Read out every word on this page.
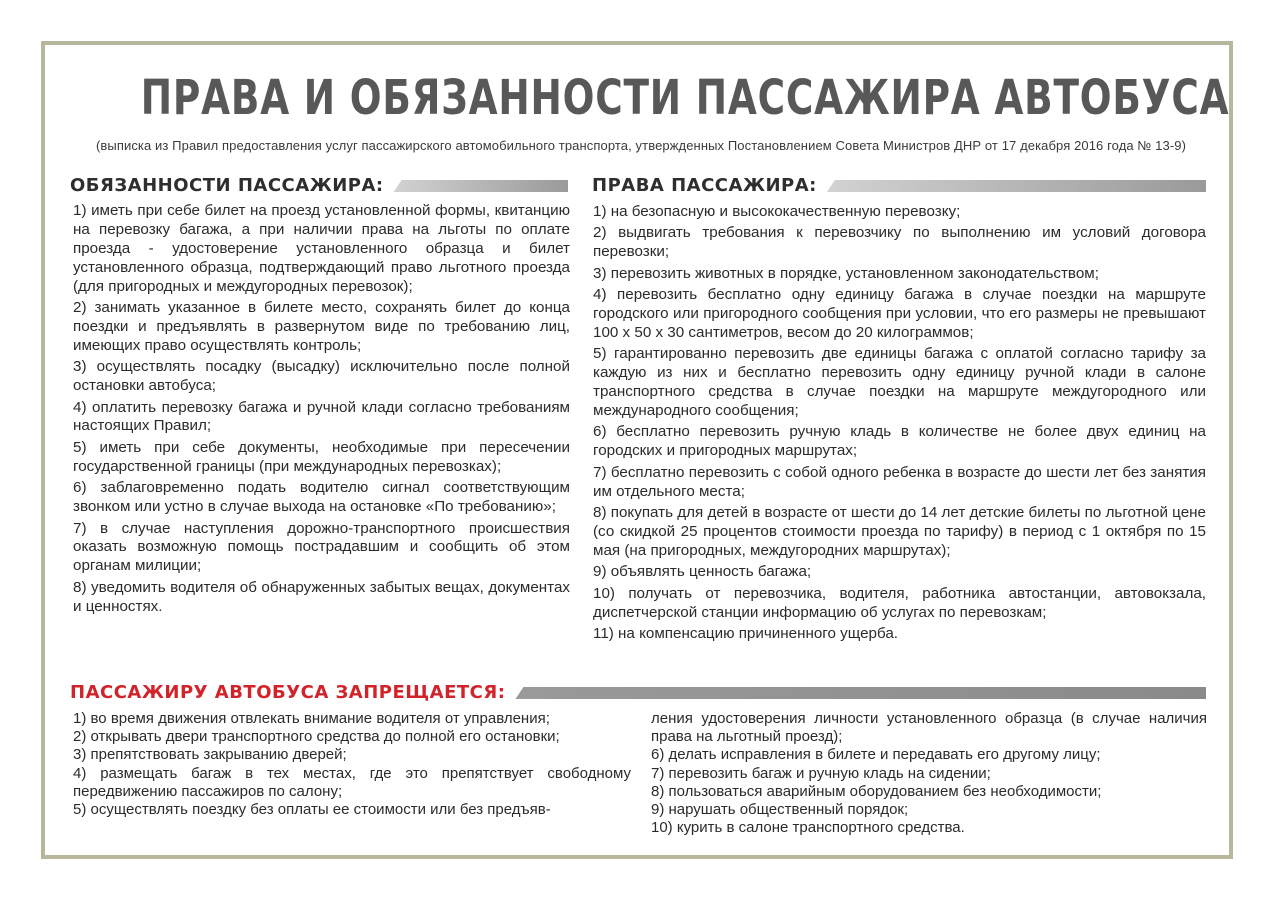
ПРАВА И ОБЯЗАННОСТИ ПАССАЖИРА АВТОБУСА
(выписка из Правил предоставления услуг пассажирского автомобильного транспорта, утвержденных Постановлением Совета Министров ДНР от 17 декабря 2016 года № 13-9)
ОБЯЗАННОСТИ ПАССАЖИРА:

1) иметь при себе билет на проезд установленной формы, квитанцию на перевозку багажа, а при наличии права на льготы по оплате проезда - удостоверение установленного образца и билет установленного образца, подтверждающий право льготного проезда (для пригородных и междугородных перевозок);

2) занимать указанное в билете место, сохранять билет до конца поездки и предъявлять в развернутом виде по требованию лиц, имеющих право осуществлять контроль;

3) осуществлять посадку (высадку) исключительно после полной остановки автобуса;

4) оплатить перевозку багажа и ручной клади согласно требованиям настоящих Правил;

5) иметь при себе документы, необходимые при пересечении государственной границы (при международных перевозках);

6) заблаговременно подать водителю сигнал соответствующим звонком или устно в случае выхода на остановке «По требованию»;

7) в случае наступления дорожно-транспортного происшествия оказать возможную помощь пострадавшим и сообщить об этом органам милиции;

8) уведомить водителя об обнаруженных забытых вещах, документах и ценностях.

ПРАВА ПАССАЖИРА:

1) на безопасную и высококачественную перевозку;

2) выдвигать требования к перевозчику по выполнению им условий договора перевозки;

3) перевозить животных в порядке, установленном законодательством;

4) перевозить бесплатно одну единицу багажа в случае поездки на маршруте городского или пригородного сообщения при условии, что его размеры не превышают 100 х 50 х 30 сантиметров, весом до 20 килограммов;

5) гарантированно перевозить две единицы багажа с оплатой согласно тарифу за каждую из них и бесплатно перевозить одну единицу ручной клади в салоне транспортного средства в случае поездки на маршруте междугородного или международного сообщения;

6) бесплатно перевозить ручную кладь в количестве не более двух единиц на городских и пригородных маршрутах;

7) бесплатно перевозить с собой одного ребенка в возрасте до шести лет без занятия им отдельного места;

8) покупать для детей в возрасте от шести до 14 лет детские билеты по льготной цене (со скидкой 25 процентов стоимости проезда по тарифу) в период с 1 октября по 15 мая (на пригородных, междугородних маршрутах);

9) объявлять ценность багажа;

10) получать от перевозчика, водителя, работника автостанции, автовокзала, диспетчерской станции информацию об услугах по перевозкам;

11) на компенсацию причиненного ущерба.

ПАССАЖИРУ АВТОБУСА ЗАПРЕЩАЕТСЯ:

1) во время движения отвлекать внимание водителя от управления;

2) открывать двери транспортного средства до полной его остановки;

3) препятствовать закрыванию дверей;

4) размещать багаж в тех местах, где это препятствует свободному передвижению пассажиров по салону;

5) осуществлять поездку без оплаты ее стоимости или без предъяв-

ления удостоверения личности установленного образца (в случае наличия права на льготный проезд);

6) делать исправления в билете и передавать его другому лицу;

7) перевозить багаж и ручную кладь на сидении;

8) пользоваться аварийным оборудованием без необходимости;

9) нарушать общественный порядок;

10) курить в салоне транспортного средства.
